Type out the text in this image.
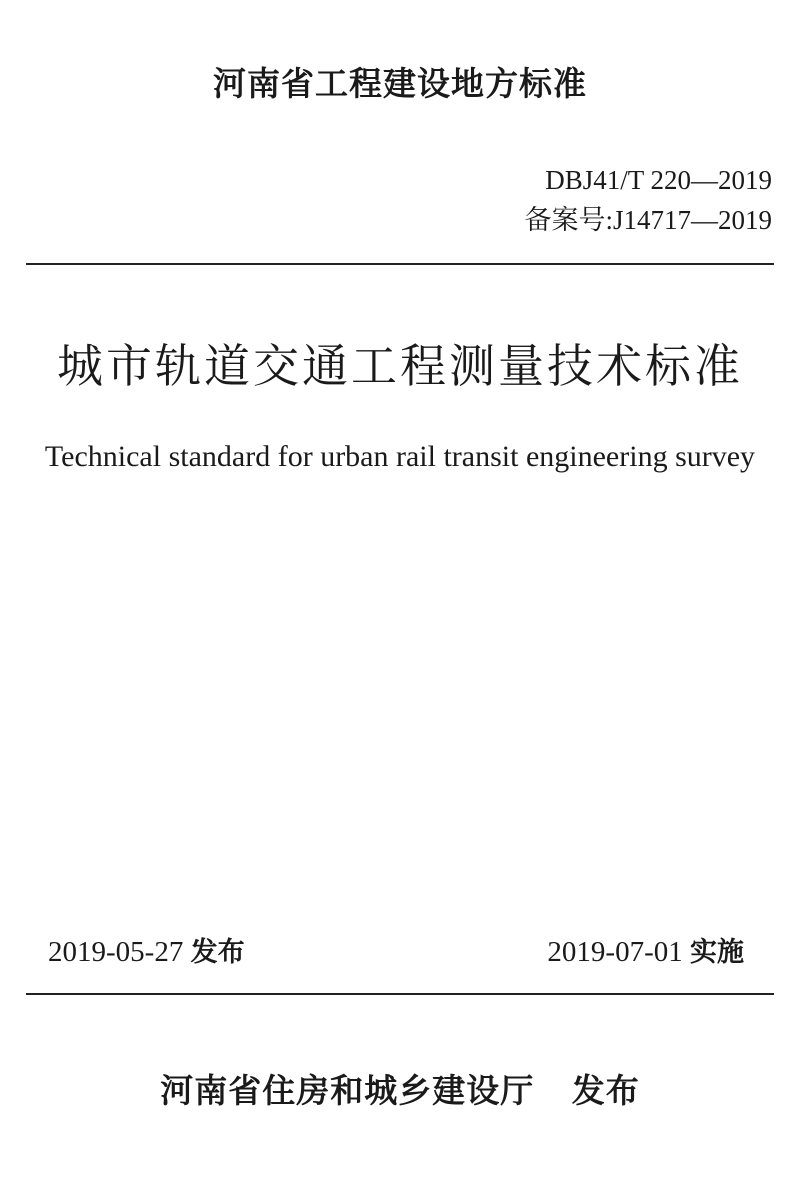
河南省工程建设地方标准
DBJ41/T 220—2019
备案号:J14717—2019
城市轨道交通工程测量技术标准
Technical standard for urban rail transit engineering survey
2019-05-27 发布	2019-07-01 实施
河南省住房和城乡建设厅 发布
